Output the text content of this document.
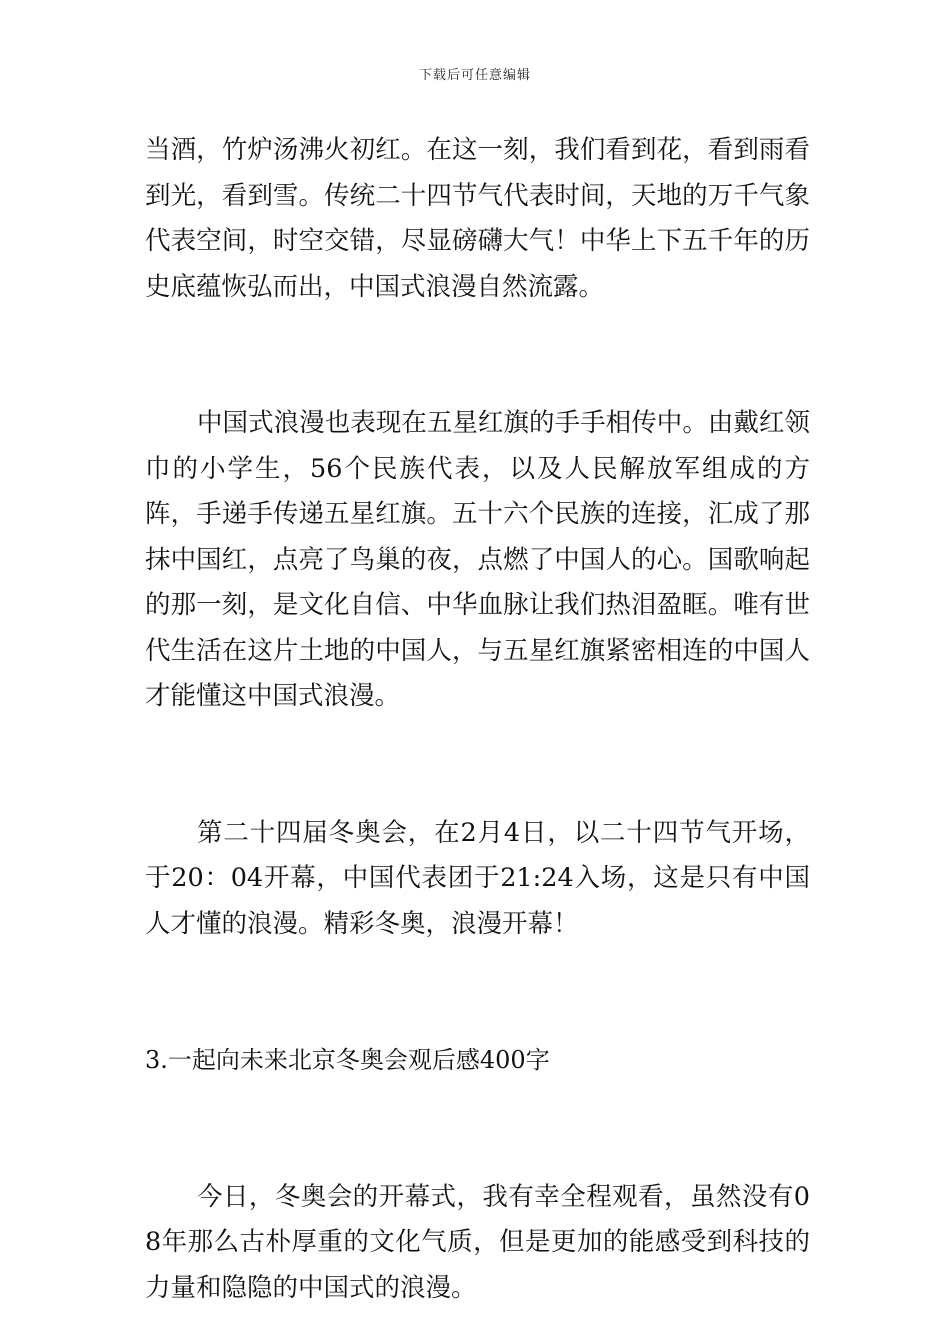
下载后可任意编辑

当酒，竹炉汤沸火初红。在这一刻，我们看到花，看到雨看到光，看到雪。传统二十四节气代表时间，天地的万千气象代表空间，时空交错，尽显磅礴大气！中华上下五千年的历史底蕴恢弘而出，中国式浪漫自然流露。

中国式浪漫也表现在五星红旗的手手相传中。由戴红领巾的小学生，56个民族代表，以及人民解放军组成的方阵，手递手传递五星红旗。五十六个民族的连接，汇成了那抹中国红，点亮了鸟巢的夜，点燃了中国人的心。国歌响起的那一刻，是文化自信、中华血脉让我们热泪盈眶。唯有世代生活在这片土地的中国人，与五星红旗紧密相连的中国人才能懂这中国式浪漫。

第二十四届冬奥会，在2月4日，以二十四节气开场，于20：04开幕，中国代表团于21:24入场，这是只有中国人才懂的浪漫。精彩冬奥，浪漫开幕！

3.一起向未来北京冬奥会观后感400字

今日，冬奥会的开幕式，我有幸全程观看，虽然没有08年那么古朴厚重的文化气质，但是更加的能感受到科技的力量和隐隐的中国式的浪漫。
